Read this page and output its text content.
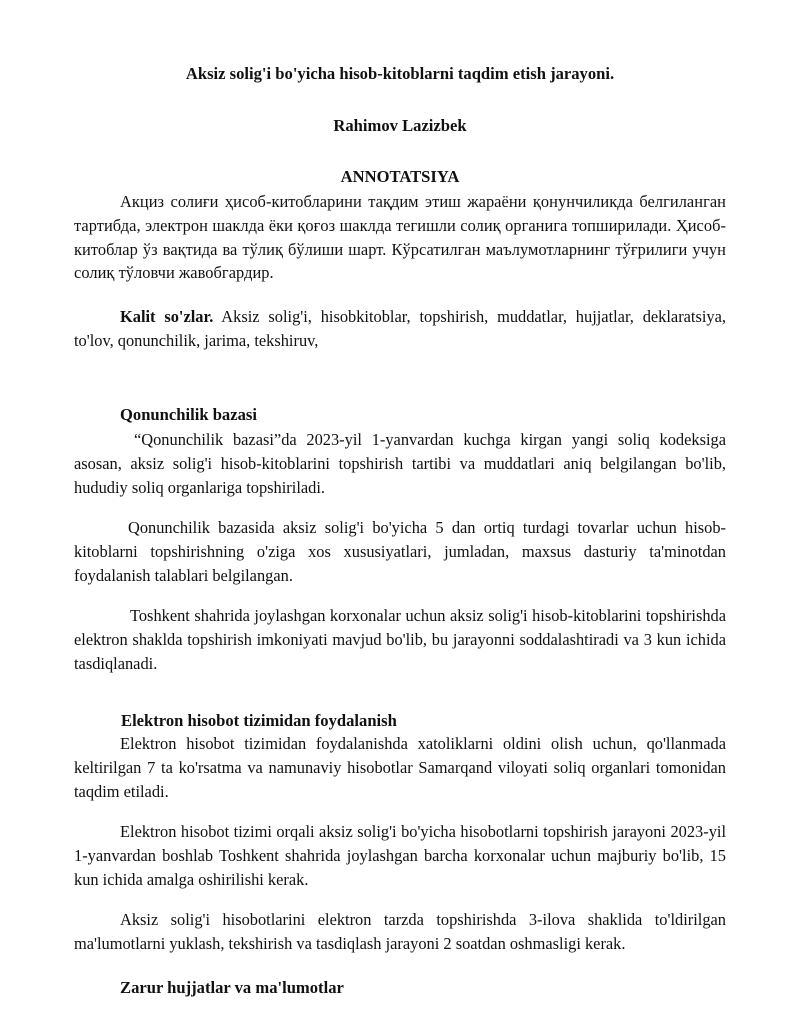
Aksiz solig'i bo'yicha hisob-kitoblarni taqdim etish jarayoni.
Rahimov Lazizbek
ANNOTATSIYA

Акциз солиғи ҳисоб-китобларини тақдим этиш жараёни қонунчиликда белгиланган тартибда, электрон шаклда ёки қоғоз шаклда тегишли солиқ органига топширилади. Ҳисоб-китоблар ўз вақтида ва тўлиқ бўлиши шарт. Кўрсатилган маълумотларнинг тўғрилиги учун солиқ тўловчи жавобгардир.

Kalit so'zlar. Aksiz solig'i, hisobkitoblar, topshirish, muddatlar, hujjatlar, deklaratsiya, to'lov, qonunchilik, jarima, tekshiruv,

Qonunchilik bazasi

“Qonunchilik bazasi”da 2023-yil 1-yanvardan kuchga kirgan yangi soliq kodeksiga asosan, aksiz solig'i hisob-kitoblarini topshirish tartibi va muddatlari aniq belgilangan bo'lib, hududiy soliq organlariga topshiriladi.

Qonunchilik bazasida aksiz solig'i bo'yicha 5 dan ortiq turdagi tovarlar uchun hisob-kitoblarni topshirishning o'ziga xos xususiyatlari, jumladan, maxsus dasturiy ta'minotdan foydalanish talablari belgilangan.

Toshkent shahrida joylashgan korxonalar uchun aksiz solig'i hisob-kitoblarini topshirishda elektron shaklda topshirish imkoniyati mavjud bo'lib, bu jarayonni soddalashtiradi va 3 kun ichida tasdiqlanadi.

Elektron hisobot tizimidan foydalanish

Elektron hisobot tizimidan foydalanishda xatoliklarni oldini olish uchun, qo'llanmada keltirilgan 7 ta ko'rsatma va namunaviy hisobotlar Samarqand viloyati soliq organlari tomonidan taqdim etiladi.

Elektron hisobot tizimi orqali aksiz solig'i bo'yicha hisobotlarni topshirish jarayoni 2023-yil 1-yanvardan boshlab Toshkent shahrida joylashgan barcha korxonalar uchun majburiy bo'lib, 15 kun ichida amalga oshirilishi kerak.

Aksiz solig'i hisobotlarini elektron tarzda topshirishda 3-ilova shaklida to'ldirilgan ma'lumotlarni yuklash, tekshirish va tasdiqlash jarayoni 2 soatdan oshmasligi kerak.

Zarur hujjatlar va ma'lumotlar
